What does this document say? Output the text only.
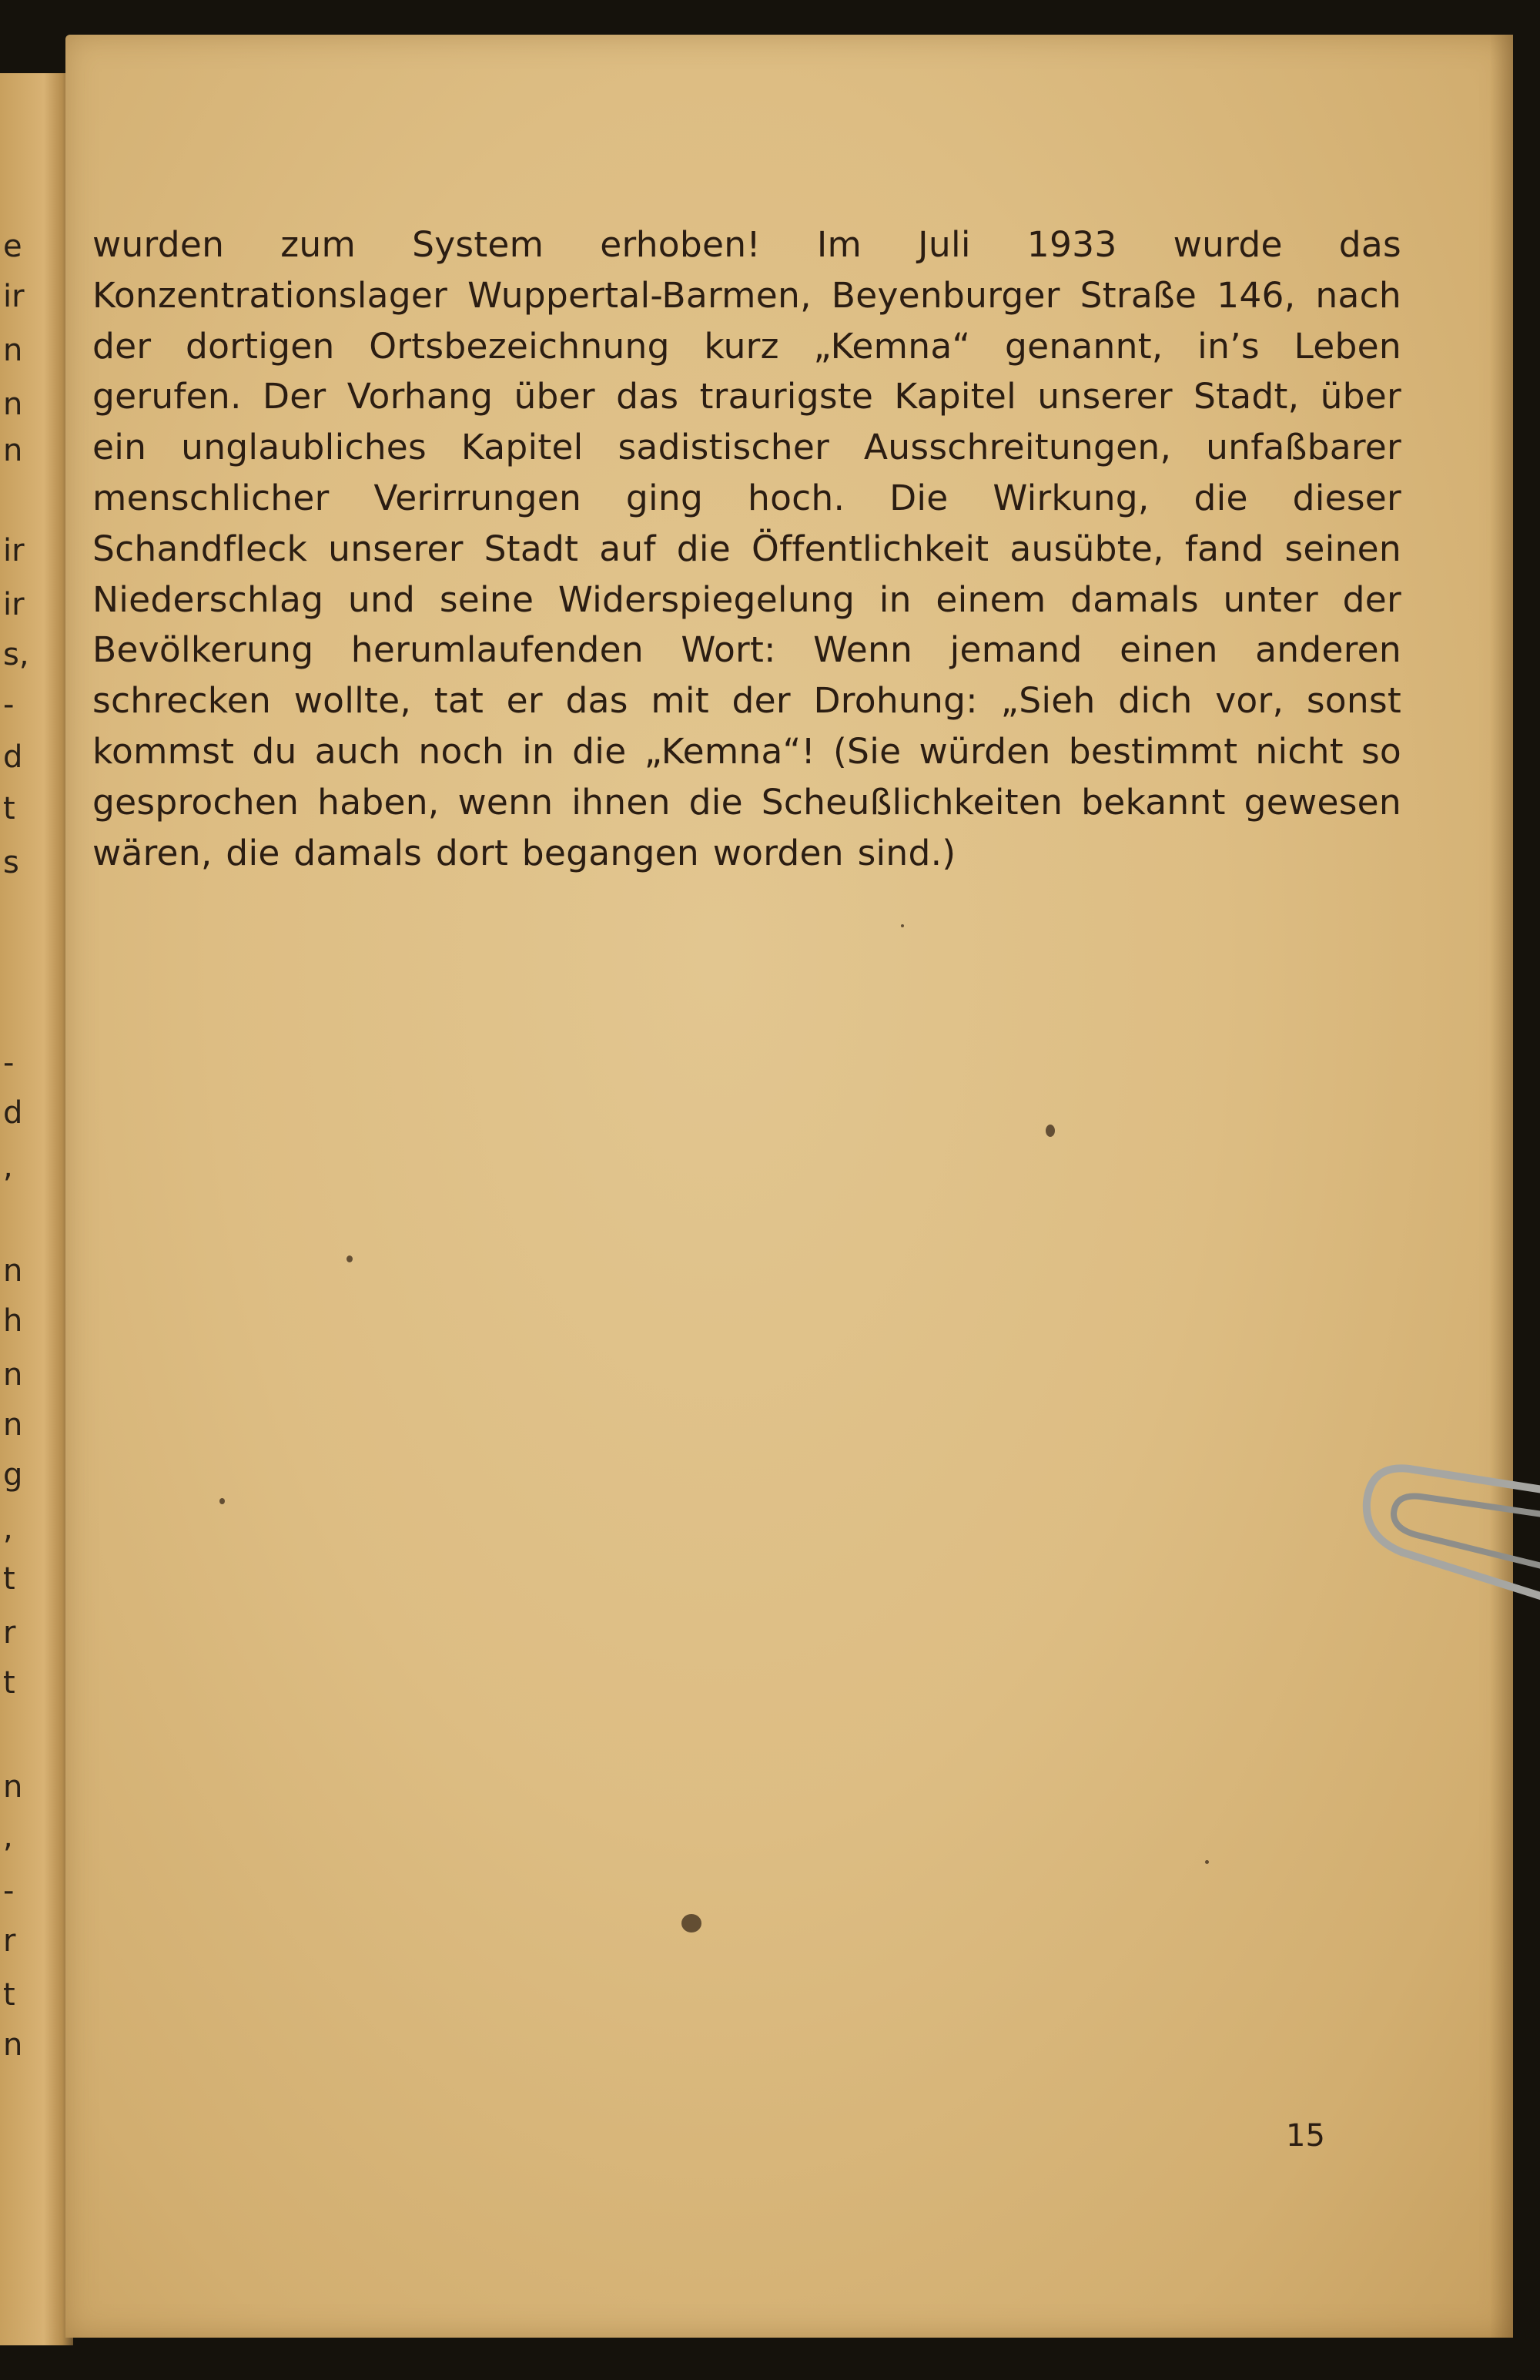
e
ir
n
n
n
ir
ir
s,
-
d
t
s
-
d
,
n
h
n
n
g
,
t
r
t
n
,
-
r
t
n

wurden zum System erhoben! Im Juli 1933 wurde das Konzentrationslager Wuppertal-Barmen, Beyenburger Straße 146, nach der dortigen Ortsbezeichnung kurz „Kemna“ genannt, in’s Leben gerufen. Der Vorhang über das traurigste Kapitel unserer Stadt, über ein unglaubliches Kapitel sadistischer Ausschreitungen, unfaßbarer menschlicher Verirrungen ging hoch. Die Wirkung, die dieser Schandfleck unserer Stadt auf die Öffentlichkeit ausübte, fand seinen Niederschlag und seine Widerspiegelung in einem damals unter der Bevölkerung herumlaufenden Wort: Wenn jemand einen anderen schrecken wollte, tat er das mit der Drohung: „Sieh dich vor, sonst kommst du auch noch in die „Kemna“! (Sie würden bestimmt nicht so gesprochen haben, wenn ihnen die Scheußlichkeiten bekannt gewesen wären, die damals dort begangen worden sind.)

15
